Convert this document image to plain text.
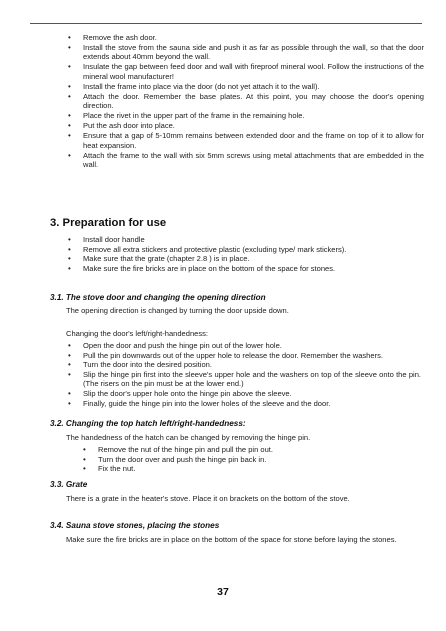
• Remove the ash door.
• Install the stove from the sauna side and push it as far as possible through the wall, so that the door extends about 40mm beyond the wall.
• Insulate the gap between feed door and wall with fireproof mineral wool. Follow the instructions of the mineral wool manufacturer!
• Install the frame into place via the door (do not yet attach it to the wall).
• Attach the door. Remember the base plates. At this point, you may choose the door's opening direction.
• Place the rivet in the upper part of the frame in the remaining hole.
• Put the ash door into place.
• Ensure that a gap of 5-10mm remains between extended door and the frame on top of it to allow for heat expansion.
• Attach the frame to the wall with six 5mm screws using metal attachments that are embedded in the wall.
3. Preparation for use
• Install door handle
• Remove all extra stickers and protective plastic (excluding type/ mark stickers).
• Make sure that the grate (chapter 2.8 ) is in place.
• Make sure the fire bricks are in place on the bottom of the space for stones.
3.1. The stove door and changing the opening direction

The opening direction is changed by turning the door upside down.

Changing the door's left/right-handedness:

• Open the door and push the hinge pin out of the lower hole.
• Pull the pin downwards out of the upper hole to release the door. Remember the washers.
• Turn the door into the desired position.
• Slip the hinge pin first into the sleeve's upper hole and the washers on top of the sleeve onto the pin. (The risers on the pin must be at the lower end.)
• Slip the door's upper hole onto the hinge pin above the sleeve.
• Finally, guide the hinge pin into the lower holes of the sleeve and the door.
3.2. Changing the top hatch left/right-handedness:

The handedness of the hatch can be changed by removing the hinge pin.

• Remove the nut of the hinge pin and pull the pin out.
• Turn the door over and push the hinge pin back in.
• Fix the nut.
3.3. Grate

There is a grate in the heater's stove. Place it on brackets on the bottom of the stove.

3.4. Sauna stove stones, placing the stones

Make sure the fire bricks are in place on the bottom of the space for stone before laying the stones.

37
